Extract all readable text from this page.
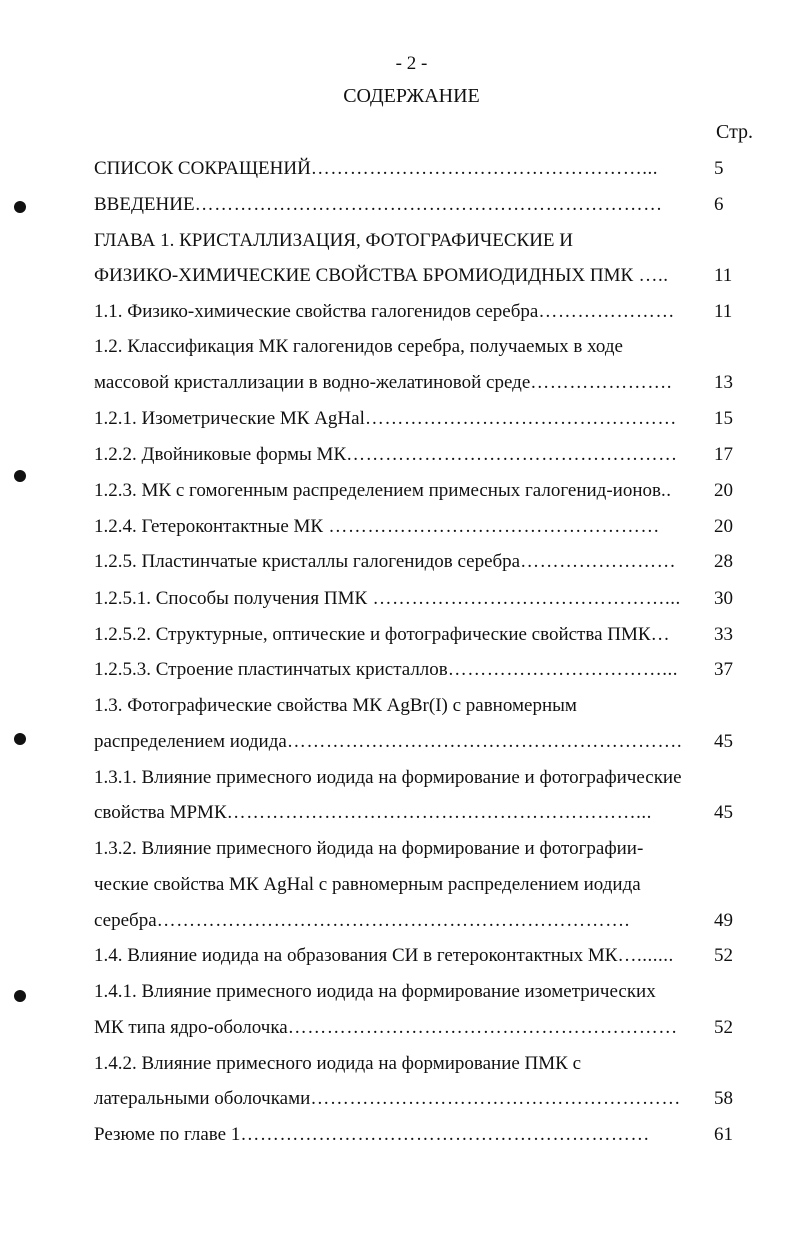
- 2 -
СОДЕРЖАНИЕ
Стр.
СПИСОК СОКРАЩЕНИЙ……………………………………………...	5
ВВЕДЕНИЕ………………………………………………………………	6
ГЛАВА 1. КРИСТАЛЛИЗАЦИЯ, ФОТОГРАФИЧЕСКИЕ И
ФИЗИКО-ХИМИЧЕСКИЕ СВОЙСТВА БРОМИОДИДНЫХ ПМК …..	11
1.1. Физико-химические свойства галогенидов серебра…………………	11
1.2. Классификация МК галогенидов серебра, получаемых в ходе
массовой кристаллизации в водно-желатиновой среде………………….	13
1.2.1. Изометрические МК AgHal…………………………………………	15
1.2.2. Двойниковые формы МК……………………………………………	17
1.2.3. МК с гомогенным распределением примесных галогенид-ионов..	20
1.2.4. Гетероконтактные МК ……………………………………………	20
1.2.5. Пластинчатые кристаллы галогенидов серебра……………………	28
1.2.5.1. Способы получения ПМК ………………………………………... 30
1.2.5.2. Структурные, оптические и фотографические свойства ПМК…	33
1.2.5.3. Строение пластинчатых кристаллов……………………………...	37
1.3. Фотографические свойства МК AgBr(I) с равномерным
распределением иодида……………………………………………………. 45
1.3.1. Влияние примесного иодида на формирование и фотографические
свойства МРМК………………………………………………………...	45
1.3.2. Влияние примесного йодида на формирование и фотографии-
ческие свойства МК AgHal с равномерным распределением иодида
серебра……………………………………………………………….	49
1.4. Влияние иодида на образования СИ в гетероконтактных МК….......	52
1.4.1. Влияние примесного иодида на формирование изометрических
МК типа ядро-оболочка……………………………………………………	52
1.4.2. Влияние примесного иодида на формирование ПМК с
латеральными оболочками………………………………………………… 58
Резюме по главе 1………………………………………………………	61
